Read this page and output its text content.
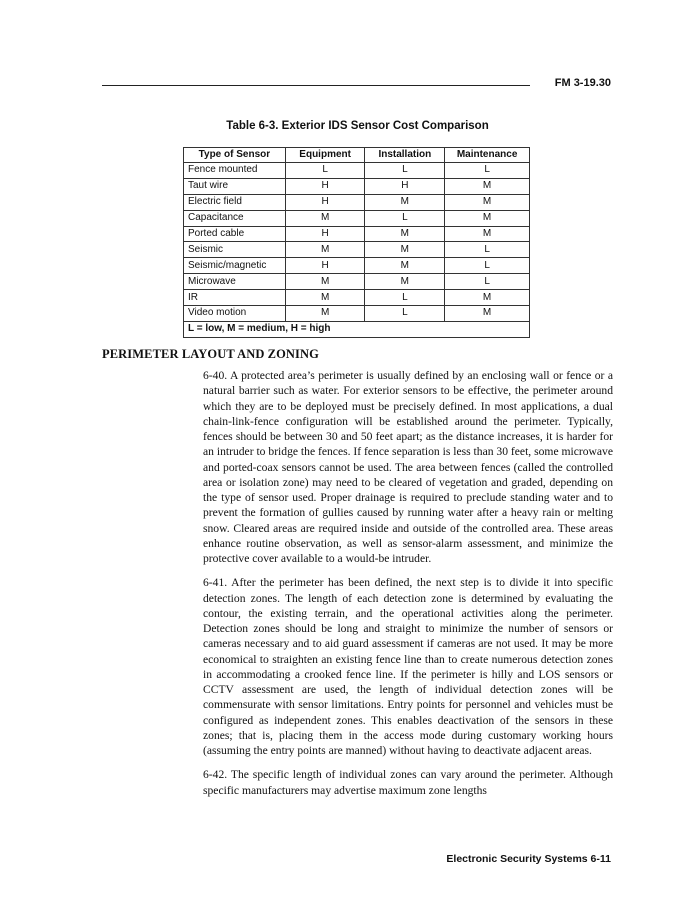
FM 3-19.30
Table 6-3. Exterior IDS Sensor Cost Comparison
Type of Sensor	Equipment	Installation	Maintenance
Fence mounted	L	L	L
Taut wire	H	H	M
Electric field	H	M	M
Capacitance	M	L	M
Ported cable	H	M	M
Seismic	M	M	L
Seismic/magnetic	H	M	L
Microwave	M	M	L
IR	M	L	M
Video motion	M	L	M
L = low, M = medium, H = high			
PERIMETER LAYOUT AND ZONING

6-40. A protected area’s perimeter is usually defined by an enclosing wall or fence or a natural barrier such as water. For exterior sensors to be effective, the perimeter around which they are to be deployed must be precisely defined. In most applications, a dual chain-link-fence configuration will be established around the perimeter. Typically, fences should be between 30 and 50 feet apart; as the distance increases, it is harder for an intruder to bridge the fences. If fence separation is less than 30 feet, some microwave and ported-coax sensors cannot be used. The area between fences (called the controlled area or isolation zone) may need to be cleared of vegetation and graded, depending on the type of sensor used. Proper drainage is required to preclude standing water and to prevent the formation of gullies caused by running water after a heavy rain or melting snow. Cleared areas are required inside and outside of the controlled area. These areas enhance routine observation, as well as sensor-alarm assessment, and minimize the protective cover available to a would-be intruder.

6-41. After the perimeter has been defined, the next step is to divide it into specific detection zones. The length of each detection zone is determined by evaluating the contour, the existing terrain, and the operational activities along the perimeter. Detection zones should be long and straight to minimize the number of sensors or cameras necessary and to aid guard assessment if cameras are not used. It may be more economical to straighten an existing fence line than to create numerous detection zones in accommodating a crooked fence line. If the perimeter is hilly and LOS sensors or CCTV assessment are used, the length of individual detection zones will be commensurate with sensor limitations. Entry points for personnel and vehicles must be configured as independent zones. This enables deactivation of the sensors in these zones; that is, placing them in the access mode during customary working hours (assuming the entry points are manned) without having to deactivate adjacent areas.

6-42. The specific length of individual zones can vary around the perimeter. Although specific manufacturers may advertise maximum zone lengths

Electronic Security Systems 6-11
